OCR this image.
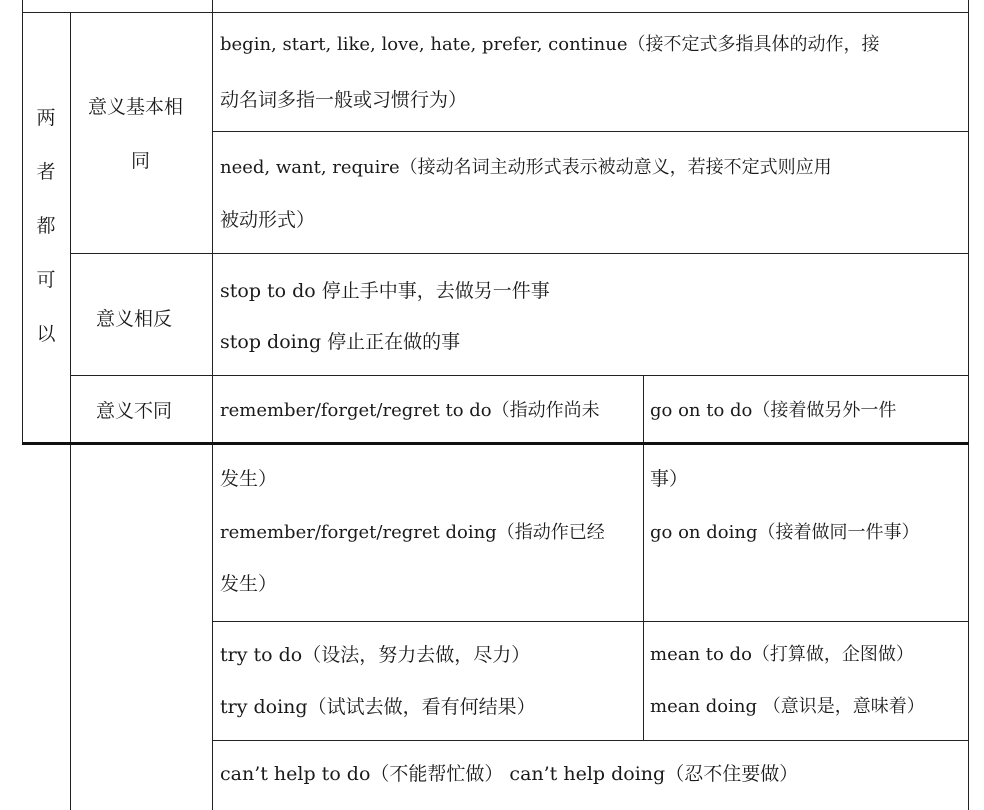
两
者
都
可
以
意义基本相
同
begin, start, like, love, hate, prefer, continue（接不定式多指具体的动作，接
动名词多指一般或习惯行为）
need, want, require（接动名词主动形式表示被动意义，若接不定式则应用
被动形式）
意义相反
stop to do 停止手中事，去做另一件事
stop doing 停止正在做的事
意义不同	remember/forget/regret to do（指动作尚未
发生）
remember/forget/regret doing（指动作已经
发生）
go on to do（接着做另外一件
事）
go on doing（接着做同一件事）
try to do（设法，努力去做，尽力）
try doing（试试去做，看有何结果）
mean to do（打算做，企图做）
mean doing （意识是，意味着）
can’t help to do（不能帮忙做） can’t help doing（忍不住要做）
